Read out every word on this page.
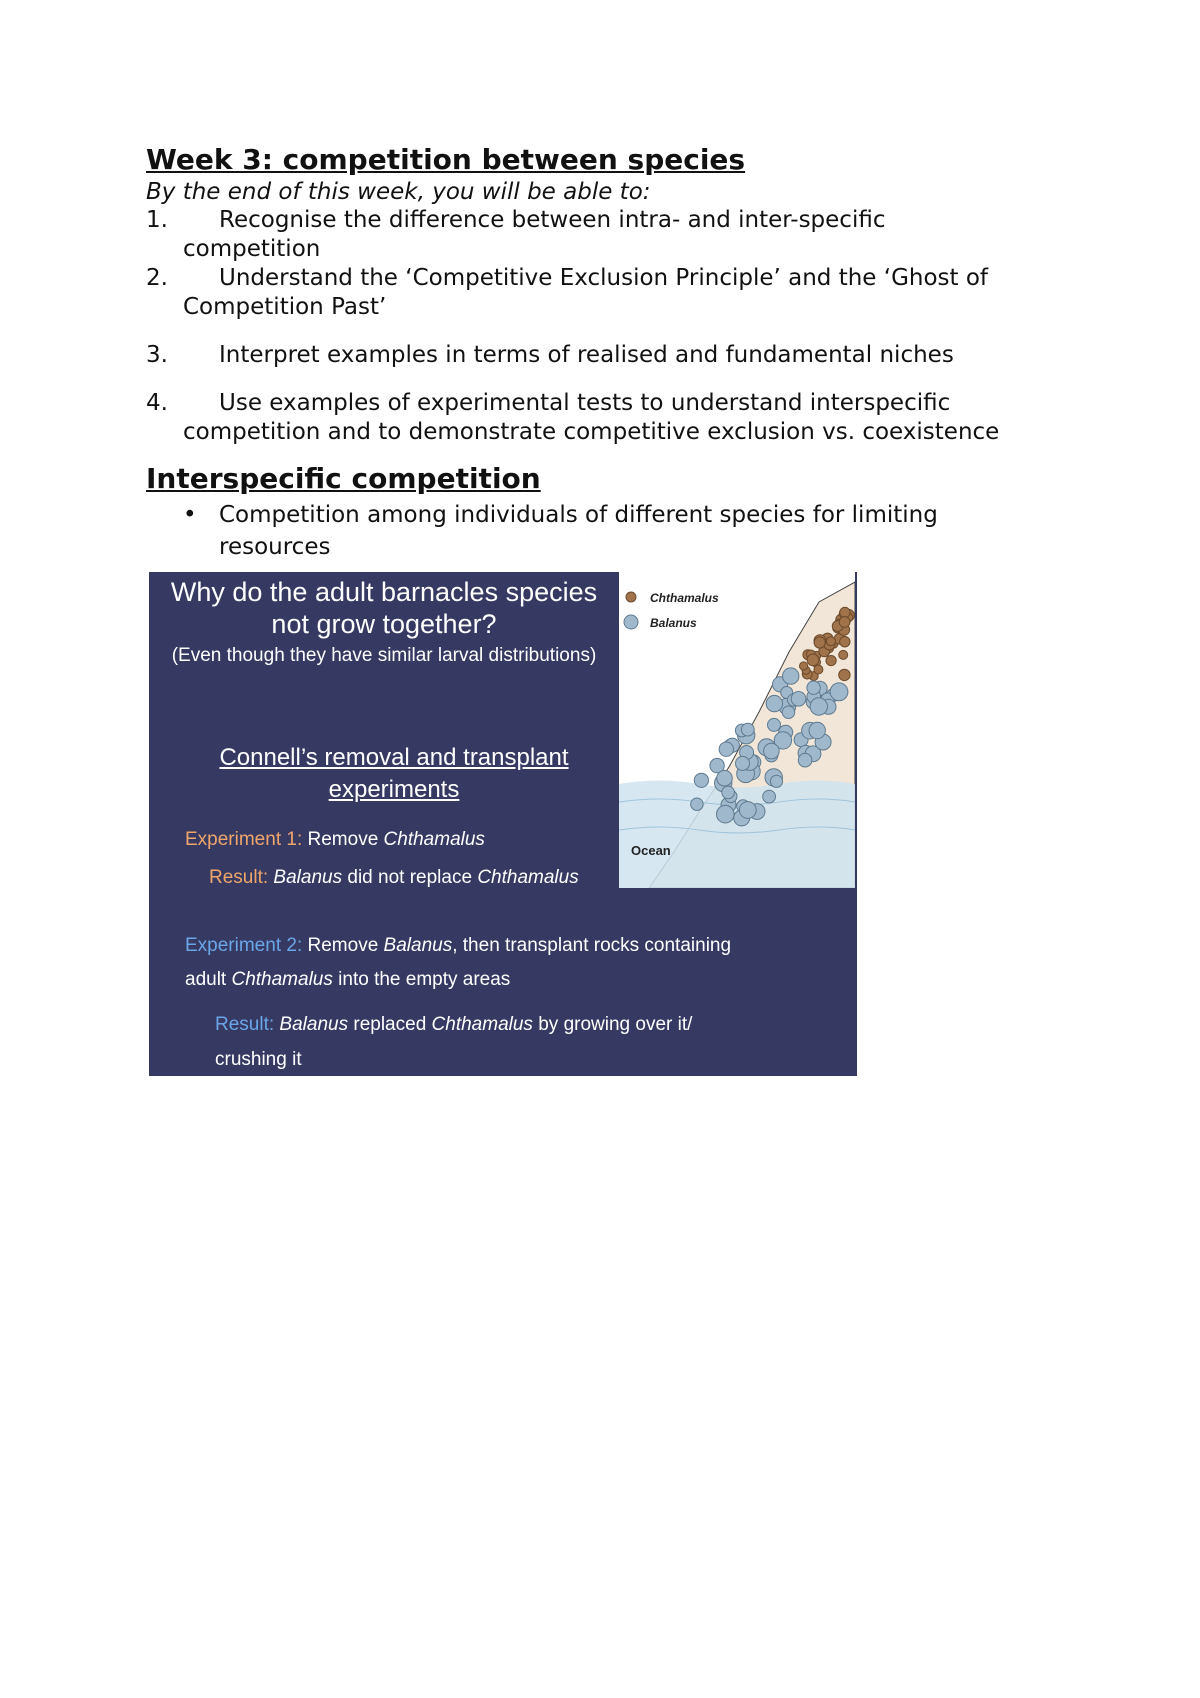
Week 3: competition between species
By the end of this week, you will be able to:
1.	Recognise the difference between intra- and inter-specific
competition
2.	Understand the ‘Competitive Exclusion Principle’ and the ‘Ghost of
Competition Past’
3.	Interpret examples in terms of realised and fundamental niches
4.	Use examples of experimental tests to understand interspecific
competition and to demonstrate competitive exclusion vs. coexistence
Interspecific competition
• Competition among individuals of different species for limiting
resources
Why do the adult barnacles species
not grow together?
(Even though they have similar larval distributions)
Connell’s removal and transplant
experiments
Experiment 1: Remove Chthamalus
Result: Balanus did not replace Chthamalus
Experiment 2: Remove Balanus, then transplant rocks containing
adult Chthamalus into the empty areas
Result: Balanus replaced Chthamalus by growing over it/
crushing it
Chthamalus
Balanus
Ocean
